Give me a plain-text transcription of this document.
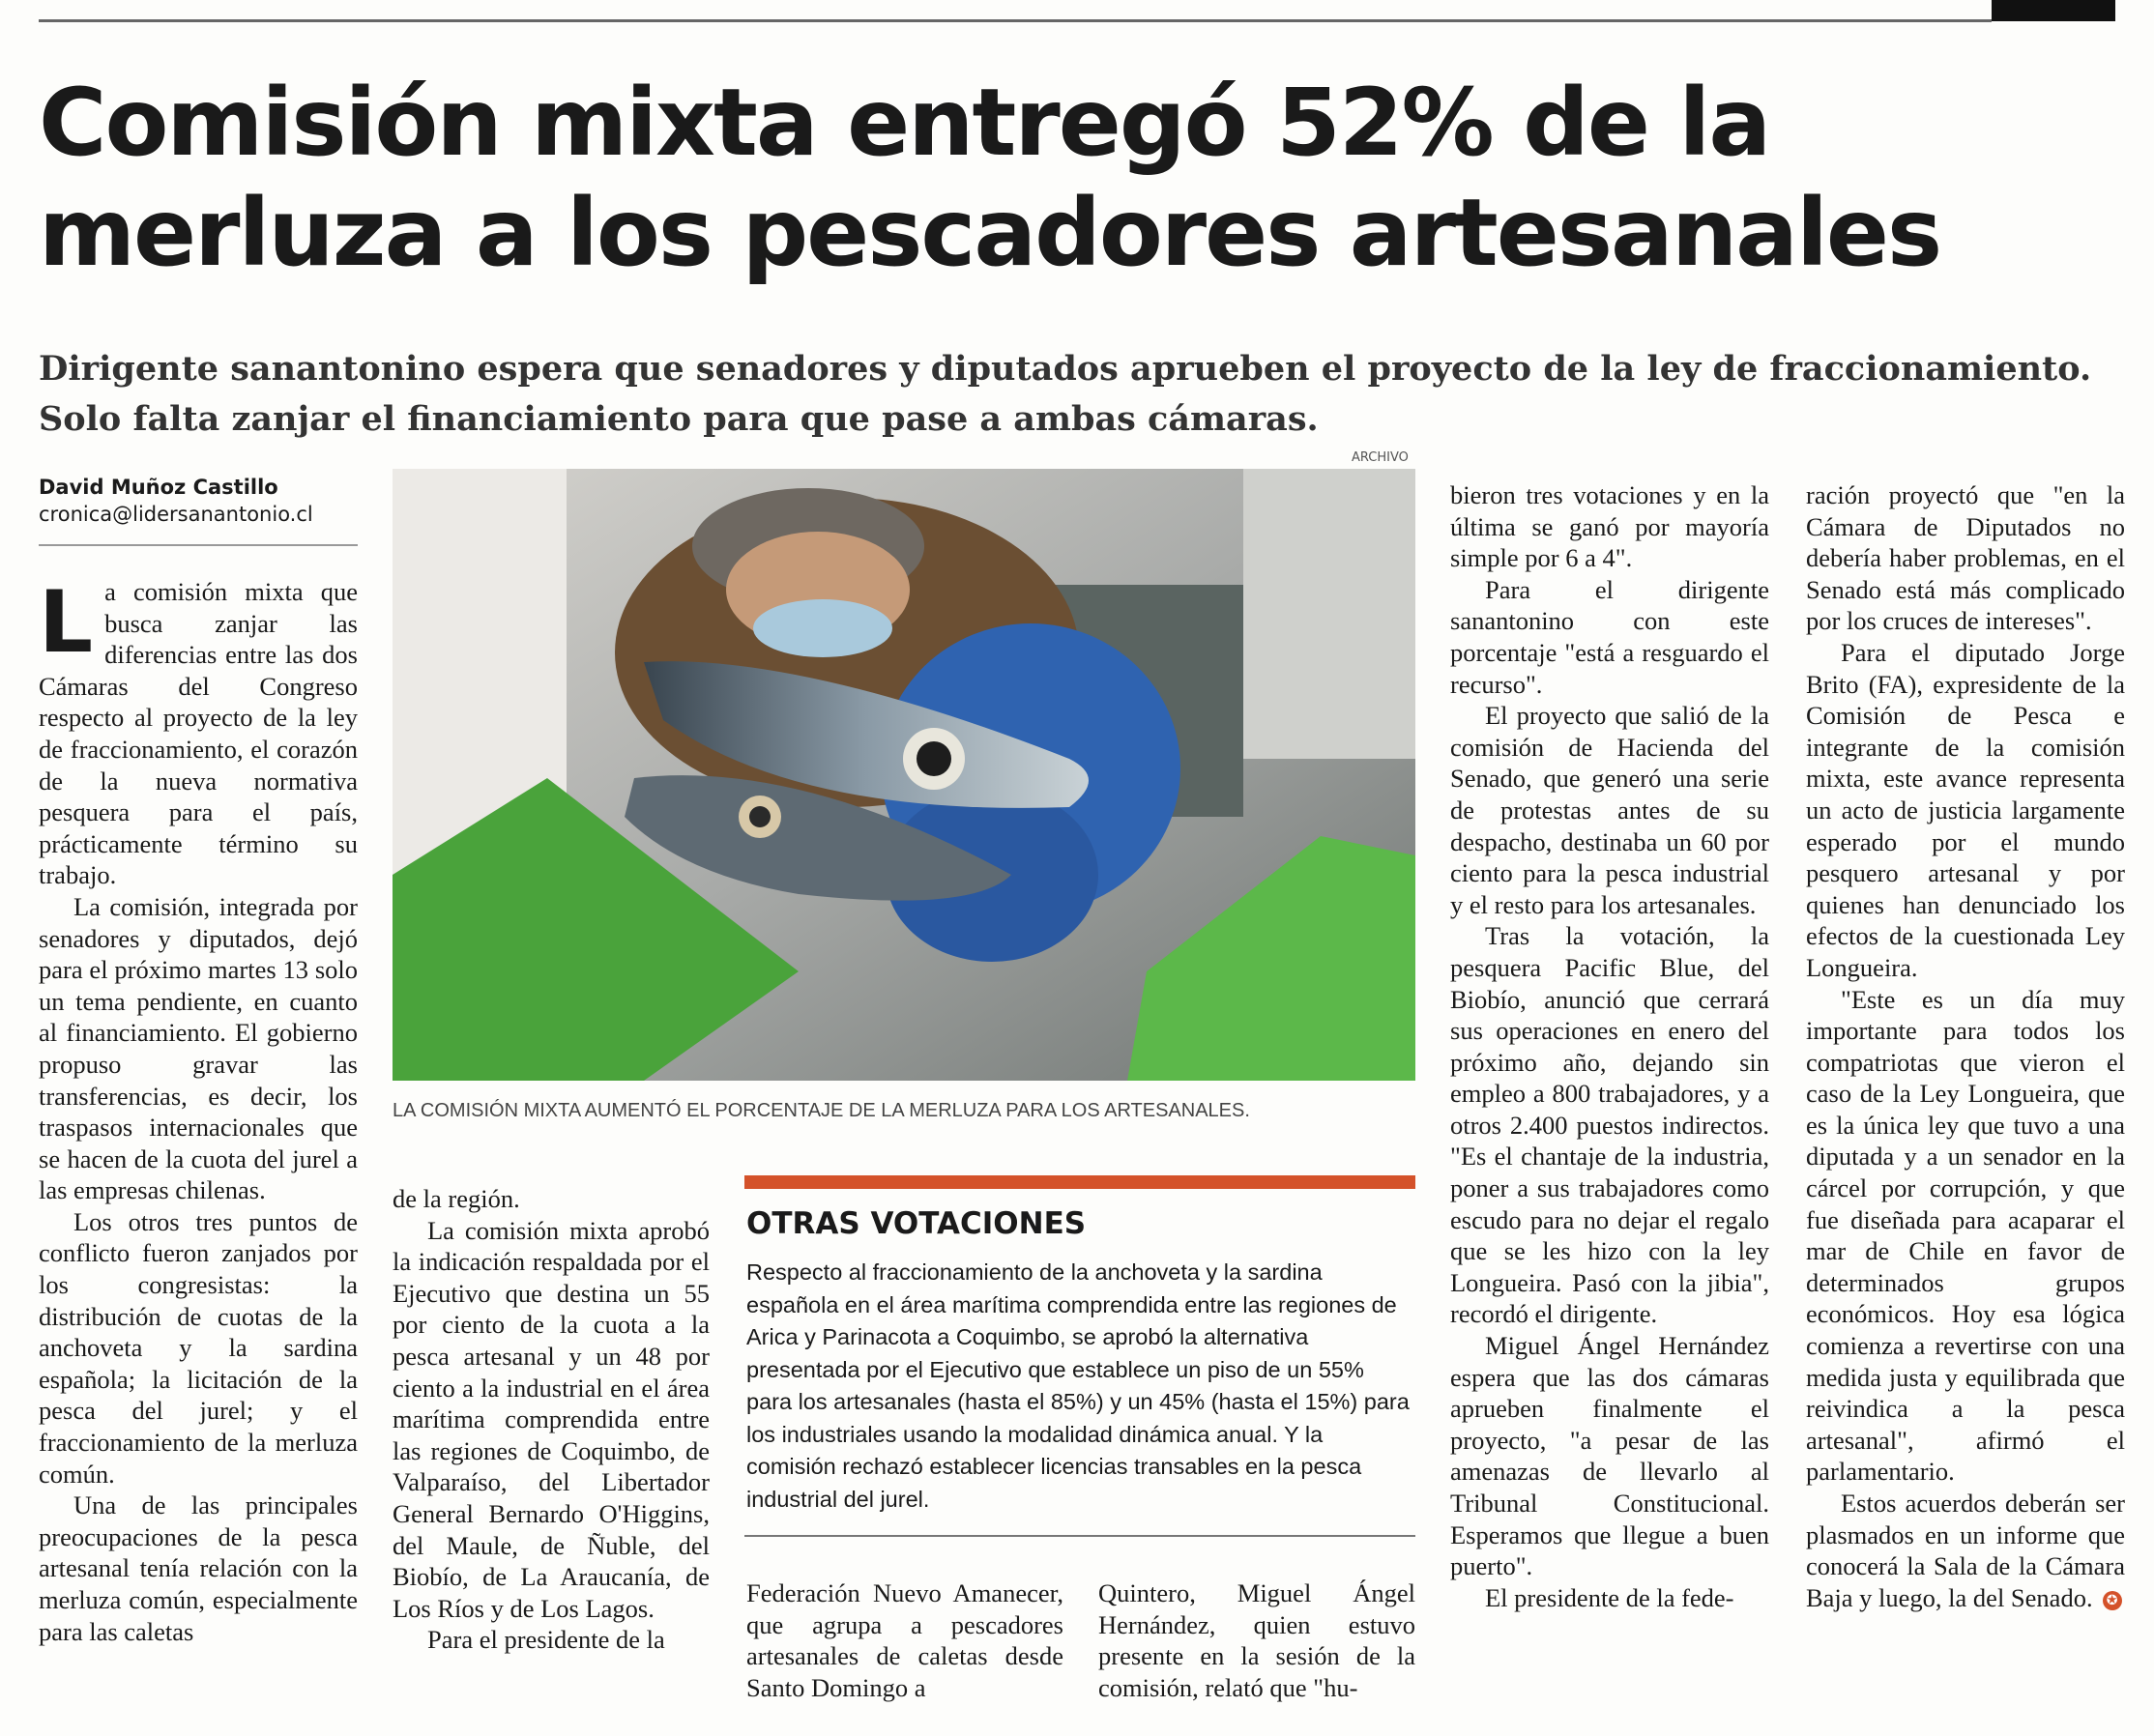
Comisión mixta entregó 52% de la merluza a los pescadores artesanales

Dirigente sanantonino espera que senadores y diputados aprueben el proyecto de la ley de fraccionamiento. Solo falta zanjar el financiamiento para que pase a ambas cámaras.

David Muñoz Castillo
cronica@lidersanantonio.cl

La comisión mixta que busca zanjar las diferencias entre las dos Cámaras del Congreso respecto al proyecto de la ley de fraccionamiento, el corazón de la nueva normativa pesquera para el país, prácticamente término su trabajo.

La comisión, integrada por senadores y diputados, dejó para el próximo martes 13 solo un tema pendiente, en cuanto al financiamiento. El gobierno propuso gravar las transferencias, es decir, los traspasos internacionales que se hacen de la cuota del jurel a las empresas chilenas.

Los otros tres puntos de conflicto fueron zanjados por los congresistas: la distribución de cuotas de la anchoveta y la sardina española; la licitación de la pesca del jurel; y el fraccionamiento de la merluza común.

Una de las principales preocupaciones de la pesca artesanal tenía relación con la merluza común, especialmente para las caletas

ARCHIVO
LA COMISIÓN MIXTA AUMENTÓ EL PORCENTAJE DE LA MERLUZA PARA LOS ARTESANALES.

de la región.

La comisión mixta aprobó la indicación respaldada por el Ejecutivo que destina un 55 por ciento de la cuota a la pesca artesanal y un 48 por ciento a la industrial en el área marítima comprendida entre las regiones de Coquimbo, de Valparaíso, del Libertador General Bernardo O'Higgins, del Maule, de Ñuble, del Biobío, de La Araucanía, de Los Ríos y de Los Lagos.

Para el presidente de la

OTRAS VOTACIONES

Respecto al fraccionamiento de la anchoveta y la sardina española en el área marítima comprendida entre las regiones de Arica y Parinacota a Coquimbo, se aprobó la alternativa presentada por el Ejecutivo que establece un piso de un 55% para los artesanales (hasta el 85%) y un 45% (hasta el 15%) para los industriales usando la modalidad dinámica anual. Y la comisión rechazó establecer licencias transables en la pesca industrial del jurel.

Federación Nuevo Amanecer, que agrupa a pescadores artesanales de caletas desde Santo Domingo a

Quintero, Miguel Ángel Hernández, quien estuvo presente en la sesión de la comisión, relató que "hu-

bieron tres votaciones y en la última se ganó por mayoría simple por 6 a 4".

Para el dirigente sanantonino con este porcentaje "está a resguardo el recurso".

El proyecto que salió de la comisión de Hacienda del Senado, que generó una serie de protestas antes de su despacho, destinaba un 60 por ciento para la pesca industrial y el resto para los artesanales.

Tras la votación, la pesquera Pacific Blue, del Biobío, anunció que cerrará sus operaciones en enero del próximo año, dejando sin empleo a 800 trabajadores, y a otros 2.400 puestos indirectos. "Es el chantaje de la industria, poner a sus trabajadores como escudo para no dejar el regalo que se les hizo con la ley Longueira. Pasó con la jibia", recordó el dirigente.

Miguel Ángel Hernández espera que las dos cámaras aprueben finalmente el proyecto, "a pesar de las amenazas de llevarlo al Tribunal Constitucional. Esperamos que llegue a buen puerto".

El presidente de la fede-

ración proyectó que "en la Cámara de Diputados no debería haber problemas, en el Senado está más complicado por los cruces de intereses".

Para el diputado Jorge Brito (FA), expresidente de la Comisión de Pesca e integrante de la comisión mixta, este avance representa un acto de justicia largamente esperado por el mundo pesquero artesanal y por quienes han denunciado los efectos de la cuestionada Ley Longueira.

"Este es un día muy importante para todos los compatriotas que vieron el caso de la Ley Longueira, que es la única ley que tuvo a una diputada y a un senador en la cárcel por corrupción, y que fue diseñada para acaparar el mar de Chile en favor de determinados grupos económicos. Hoy esa lógica comienza a revertirse con una medida justa y equilibrada que reivindica a la pesca artesanal", afirmó el parlamentario.

Estos acuerdos deberán ser plasmados en un informe que conocerá la Sala de la Cámara Baja y luego, la del Senado. ✪
